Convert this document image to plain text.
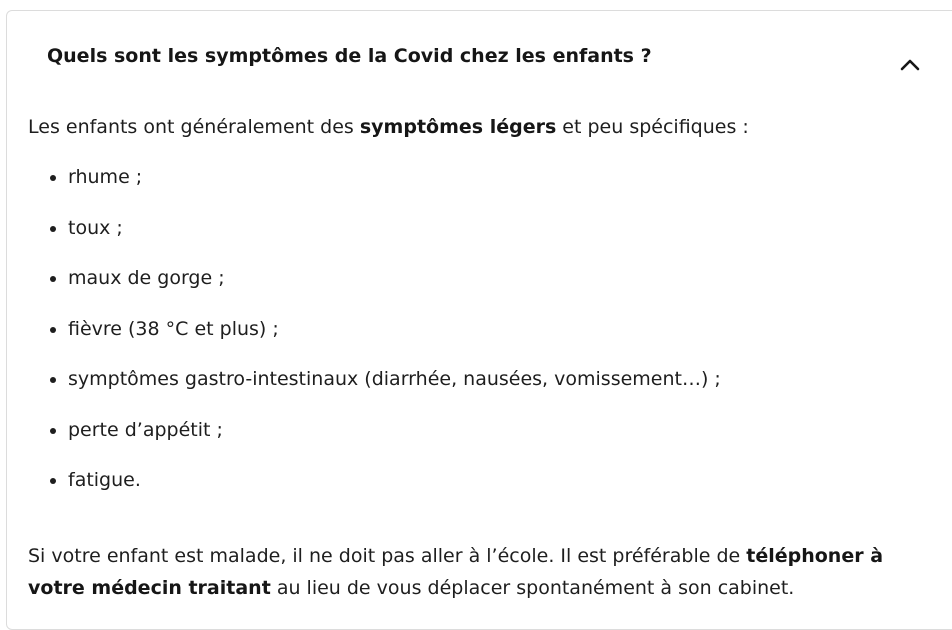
Quels sont les symptômes de la Covid chez les enfants ?

Les enfants ont généralement des symptômes légers et peu spécifiques :

rhume ;
toux ;
maux de gorge ;
fièvre (38 °C et plus) ;
symptômes gastro-intestinaux (diarrhée, nausées, vomissement…) ;
perte d’appétit ;
fatigue.

Si votre enfant est malade, il ne doit pas aller à l’école. Il est préférable de téléphoner à votre médecin traitant au lieu de vous déplacer spontanément à son cabinet.
